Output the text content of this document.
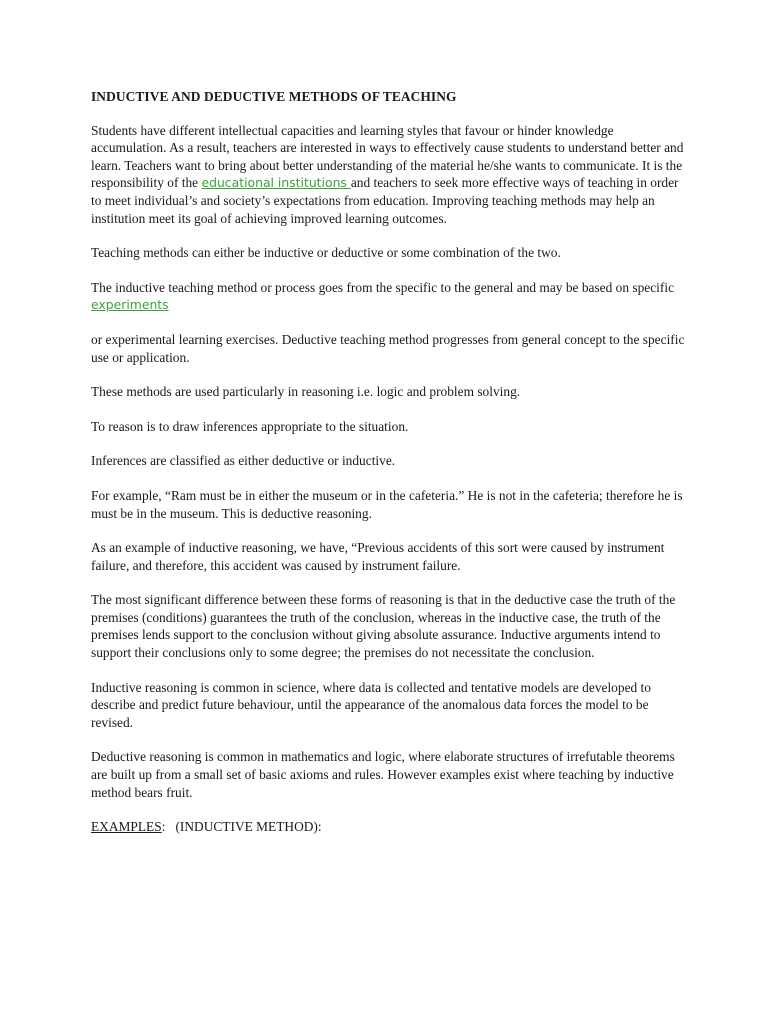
INDUCTIVE AND DEDUCTIVE METHODS OF TEACHING
Students have different intellectual capacities and learning styles that favour or hinder knowledge accumulation. As a result, teachers are interested in ways to effectively cause students to understand better and learn. Teachers want to bring about better understanding of the material he/she wants to communicate. It is the responsibility of the educational institutions and teachers to seek more effective ways of teaching in order to meet individual’s and society’s expectations from education. Improving teaching methods may help an institution meet its goal of achieving improved learning outcomes.
Teaching methods can either be inductive or deductive or some combination of the two.
The inductive teaching method or process goes from the specific to the general and may be based on specific experiments
or experimental learning exercises. Deductive teaching method progresses from general concept to the specific use or application.
These methods are used particularly in reasoning i.e. logic and problem solving.
To reason is to draw inferences appropriate to the situation.
Inferences are classified as either deductive or inductive.
For example, “Ram must be in either the museum or in the cafeteria.” He is not in the cafeteria; therefore he is must be in the museum. This is deductive reasoning.
As an example of inductive reasoning, we have, “Previous accidents of this sort were caused by instrument failure, and therefore, this accident was caused by instrument failure.
The most significant difference between these forms of reasoning is that in the deductive case the truth of the premises (conditions) guarantees the truth of the conclusion, whereas in the inductive case, the truth of the premises lends support to the conclusion without giving absolute assurance. Inductive arguments intend to support their conclusions only to some degree; the premises do not necessitate the conclusion.
Inductive reasoning is common in science, where data is collected and tentative models are developed to describe and predict future behaviour, until the appearance of the anomalous data forces the model to be revised.
Deductive reasoning is common in mathematics and logic, where elaborate structures of irrefutable theorems are built up from a small set of basic axioms and rules. However examples exist where teaching by inductive method bears fruit.
EXAMPLES:   (INDUCTIVE METHOD):
